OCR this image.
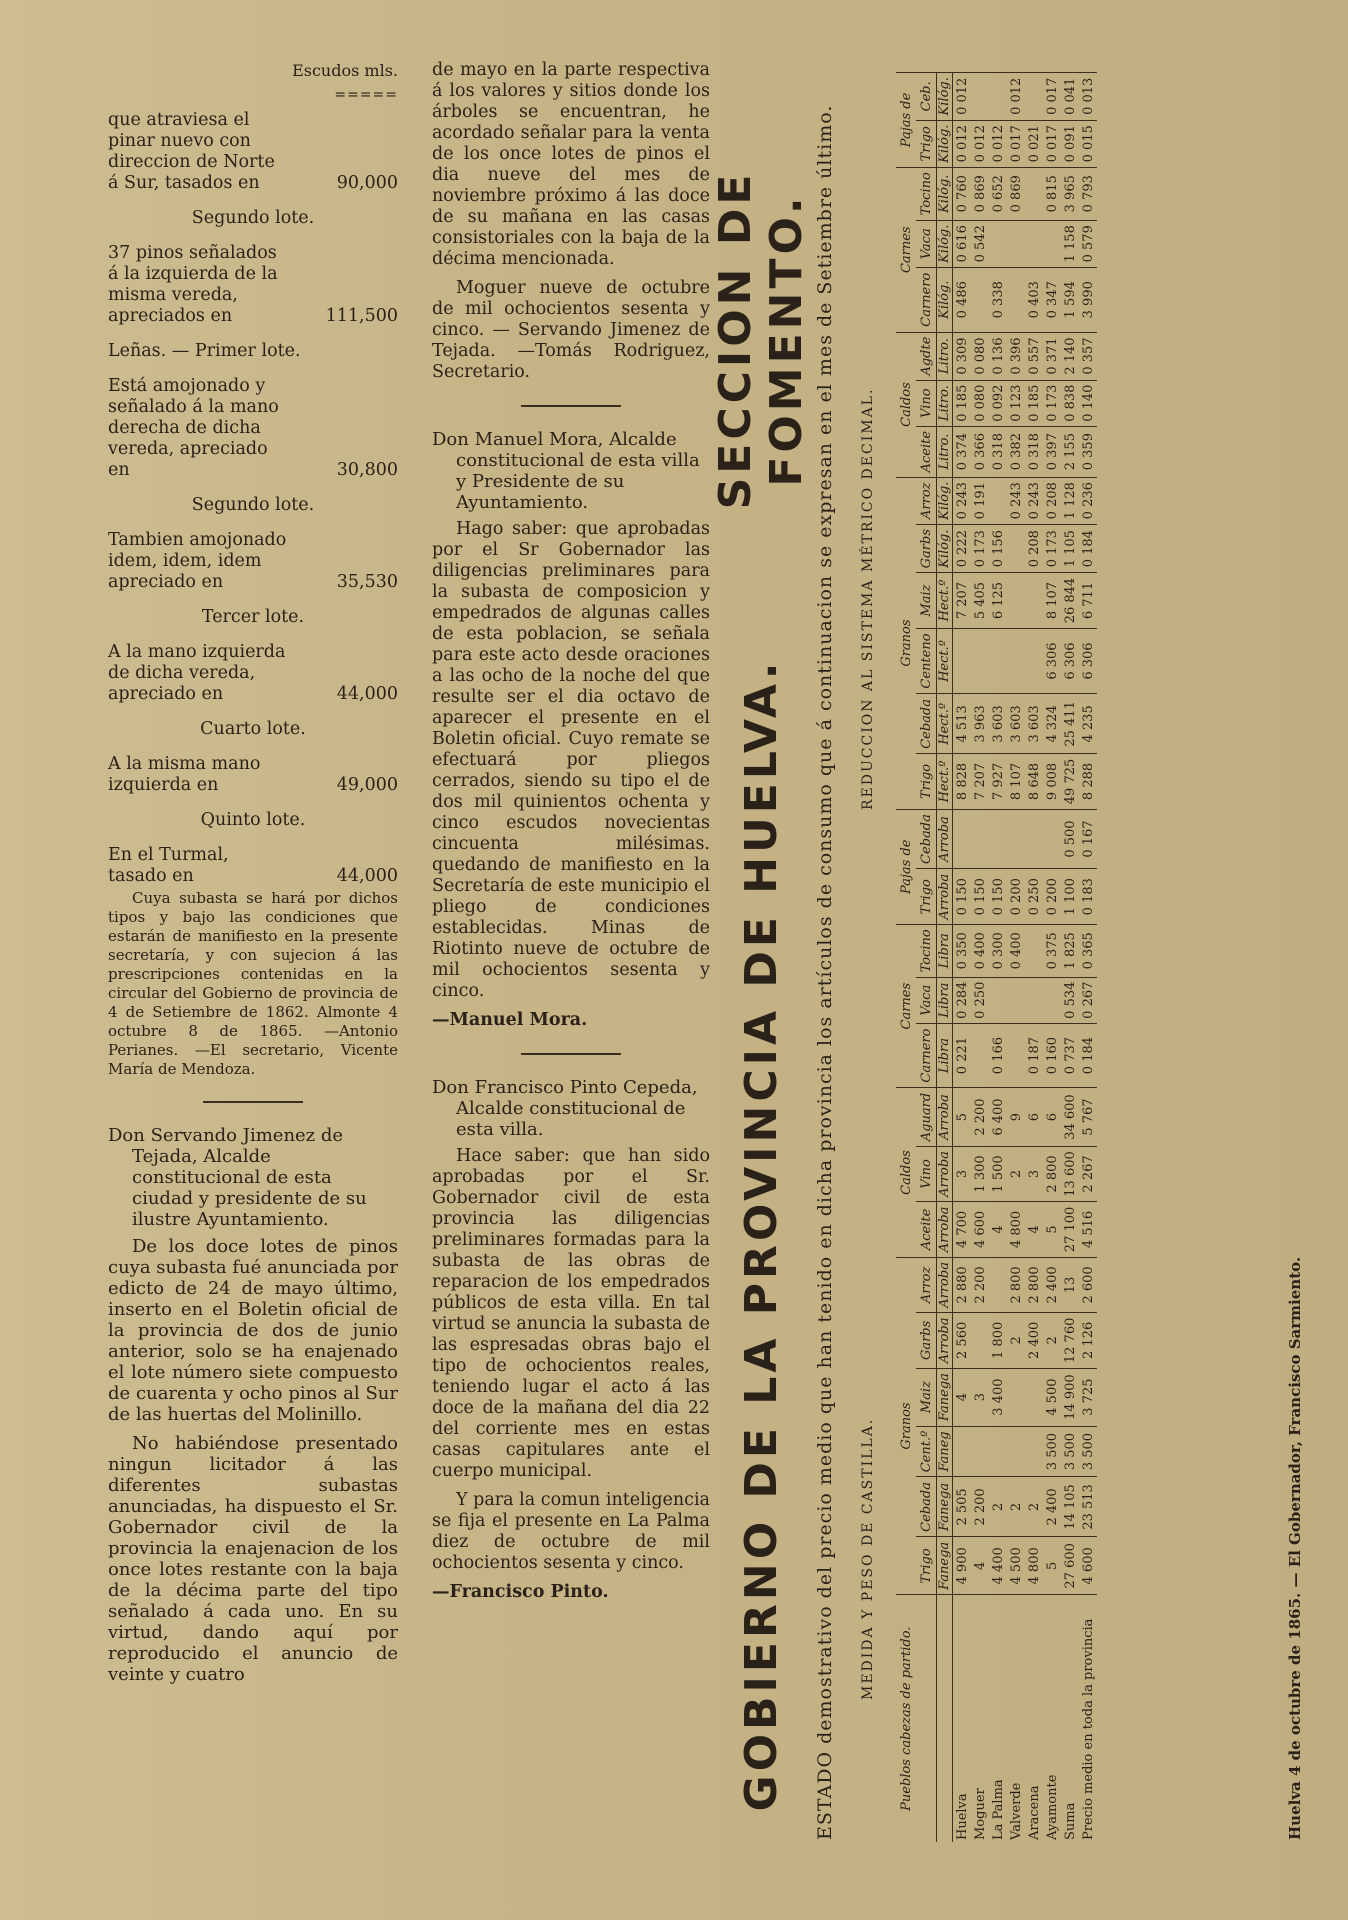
Escudos mls.
=====
que atraviesa el pinar nuevo con direccion de Norte á Sur, tasados en	90,000
Segundo lote.
37 pinos señalados á la izquierda de la misma vereda, apreciados en	111,500
Leñas. — Primer lote.
Está amojonado y señalado á la mano derecha de dicha vereda, apreciado en	30,800
Segundo lote.
Tambien amojonado idem, idem, idem apreciado en	35,530
Tercer lote.
A la mano izquierda de dicha vereda, apreciado en	44,000
Cuarto lote.
A la misma mano izquierda en	49,000
Quinto lote.
En el Turmal, tasado en	44,000
Cuya subasta se hará por dichos tipos y bajo las condiciones que estarán de manifiesto en la presente secretaría, y con sujecion á las prescripciones contenidas en la circular del Gobierno de provincia de 4 de Setiembre de 1862. Almonte 4 octubre 8 de 1865. —Antonio Perianes. —El secretario, Vicente María de Mendoza.
Don Servando Jimenez de Tejada, Alcalde constitucional de esta ciudad y presidente de su ilustre Ayuntamiento.
De los doce lotes de pinos cuya subasta fué anunciada por edicto de 24 de mayo último, inserto en el Boletin oficial de la provincia de dos de junio anterior, solo se ha enajenado el lote número siete compuesto de cuarenta y ocho pinos al Sur de las huertas del Molinillo.
No habiéndose presentado ningun licitador á las diferentes subastas anunciadas, ha dispuesto el Sr. Gobernador civil de la provincia la enajenacion de los once lotes restante con la baja de la décima parte del tipo señalado á cada uno. En su virtud, dando aquí por reproducido el anuncio de veinte y cuatro
de mayo en la parte respectiva á los valores y sitios donde los árboles se encuentran, he acordado señalar para la venta de los once lotes de pinos el dia nueve del mes de noviembre próximo á las doce de su mañana en las casas consistoriales con la baja de la décima mencionada.
Moguer nueve de octubre de mil ochocientos sesenta y cinco. — Servando Jimenez de Tejada. —Tomás Rodriguez, Secretario.
Don Manuel Mora, Alcalde constitucional de esta villa y Presidente de su Ayuntamiento.
Hago saber: que aprobadas por el Sr Gobernador las diligencias preliminares para la subasta de composicion y empedrados de algunas calles de esta poblacion, se señala para este acto desde oraciones a las ocho de la noche del que resulte ser el dia octavo de aparecer el presente en el Boletin oficial. Cuyo remate se efectuará por pliegos cerrados, siendo su tipo el de dos mil quinientos ochenta y cinco escudos novecientas cincuenta milésimas. quedando de manifiesto en la Secretaría de este municipio el pliego de condiciones establecidas. Minas de Riotinto nueve de octubre de mil ochocientos sesenta y cinco.
—Manuel Mora.
Don Francisco Pinto Cepeda, Alcalde constitucional de esta villa.
Hace saber: que han sido aprobadas por el Sr. Gobernador civil de esta provincia las diligencias preliminares formadas para la subasta de las obras de reparacion de los empedrados públicos de esta villa. En tal virtud se anuncia la subasta de las espresadas obras bajo el tipo de ochocientos reales, teniendo lugar el acto á las doce de la mañana del dia 22 del corriente mes en estas casas capitulares ante el cuerpo municipal.
Y para la comun inteligencia se fija el presente en La Palma diez de octubre de mil ochocientos sesenta y cinco.
—Francisco Pinto.	GOBIERNO DE LA PROVINCIA DE HUELVA.
SECCION DE FOMENTO. ESTADO demostrativo del precio medio que han tenido en dicha provincia los artículos de consumo que á continuacion se expresan en el mes de Setiembre último. MEDIDA Y PESO DE CASTILLA.
REDUCCION AL SISTEMA MÉTRICO DECIMAL.
Pueblos cabezas de partido.	Granos						Caldos			Carnes			Pajas de		Granos						Caldos			Carnes			Pajas de	
	Trigo	Cebada	Cent.º	Maiz	Garbs	Arroz	Aceite	Vino	Aguard	Carnero	Vaca	Tocino	Trigo	Cebada	Trigo	Cebada	Centeno	Maiz	Garbs	Arroz	Aceite	Vino	Agdte	Carnero	Vaca	Tocino	Trigo	Ceb.
	Fanega	Fanega	Faneg	Fanega	Arroba	Arroba	Arroba	Arroba	Arroba	Libra	Libra	Libra	Arroba	Arroba	Hect.º	Hect.º	Hect.º	Hect.º	Kilóg.	Kilóg.	Litro.	Litro.	Litro.	Kilóg.	Kilóg.	Kilóg.	Kilóg.	Kilóg.
Huelva	4 900	2 505		4	2 560	2 880	4 700	3	5	0 221	0 284	0 350	0 150		8 828	4 513		7 207	0 222	0 243	0 374	0 185	0 309	0 486	0 616	0 760	0 012	0 012
Moguer	4	2 200		3		2 200	4 600	1 300	2 200		0 250	0 400	0 150		7 207	3 963		5 405	0 173	0 191	0 366	0 080	0 080		0 542	0 869	0 012	
La Palma	4 400	2		3 400	1 800		4	1 500	6 400	0 166		0 300	0 150		7 927	3 603		6 125	0 156		0 318	0 092	0 136	0 338		0 652	0 012	
Valverde	4 500	2			2	2 800	4 800	2	9			0 400	0 200		8 107	3 603				0 243	0 382	0 123	0 396			0 869	0 017	0 012
Aracena	4 800	2			2 400	2 800	4	3	6	0 187			0 250		8 648	3 603			0 208	0 243	0 318	0 185	0 557	0 403			0 021	
Ayamonte	5	2 400	3 500	4 500	2	2 400	5	2 800	6	0 160		0 375	0 200		9 008	4 324	6 306	8 107	0 173	0 208	0 397	0 173	0 371	0 347		0 815	0 017	0 017
Suma	27 600	14 105	3 500	14 900	12 760	13	27 100	13 600	34 600	0 737	0 534	1 825	1 100	0 500	49 725	25 411	6 306	26 844	1 105	1 128	2 155	0 838	2 140	1 594	1 158	3 965	0 091	0 041
Precio medio en toda la provincia	4 600	23 513	3 500	3 725	2 126	2 600	4 516	2 267	5 767	0 184	0 267	0 365	0 183	0 167	8 288	4 235	6 306	6 711	0 184	0 236	0 359	0 140	0 357	3 990	0 579	0 793	0 015	0 013
Huelva 4 de octubre de 1865. — El Gobernador, Francisco Sarmiento.
